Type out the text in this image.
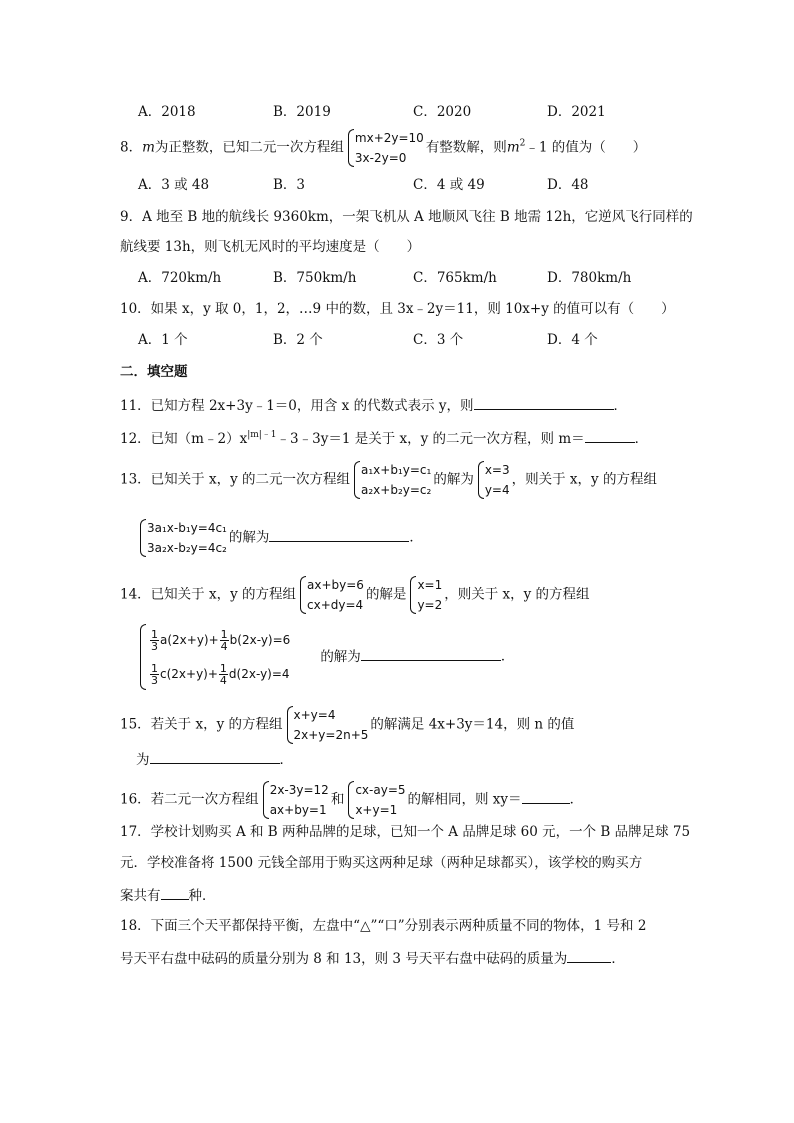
A．2018	B．2019	C．2020	D．2021
8．m为正整数，已知二元一次方程组
mx+2y=10
3x-2y=0
有整数解，则$m^2﹣1$ 的值为（　　）
A．3 或 48	B．3	C．4 或 49	D．48
9．A 地至 B 地的航线长 9360km，一架飞机从 A 地顺风飞往 B 地需 12h，它逆风飞行同样的
航线要 13h，则飞机无风时的平均速度是（　　）
A．720km/h	B．750km/h	C．765km/h	D．780km/h
10．如果 x，y 取 0，1，2，…9 中的数，且 3x﹣2y＝11，则 10x+y 的值可以有（　　）
A．1 个	B．2 个	C．3 个	D．4 个
二．填空题
11．已知方程 2x+3y﹣1＝0，用含 x 的代数式表示 y，则	．
12．已知$(m﹣2)x^{|m|﹣1}﹣3﹣3y=1$ 是关于 x，y 的二元一次方程，则 m＝	．
13．已知关于 x，y 的二元一次方程组
a₁x+b₁y=c₁
a₂x+b₂y=c₂
的解为
x=3
y=4
，则关于 x，y 的方程组
3a₁x-b₁y=4c₁
3a₂x-b₂y=4c₂
的解为	．
14．已知关于 x，y 的方程组
ax+by=6
cx+dy=4
的解是
x=1
y=2
，则关于 x，y 的方程组
$\frac{1}{3} a(2x+y)+ \frac{1}{4} b(2x-y)=6$
$\frac{1}{3} c(2x+y)+ \frac{1}{4} d(2x-y)=4$
的解为	．
15．若关于 x，y 的方程组
x+y=4
2x+y=2n+5
的解满足 4x+3y＝14，则 n 的值
为	．
16．若二元一次方程组
2x-3y=12
ax+by=1
和
cx-ay=5
x+y=1
的解相同，则 xy＝	．
17．学校计划购买 A 和 B 两种品牌的足球，已知一个 A 品牌足球 60 元，一个 B 品牌足球 75
元．学校准备将 1500 元钱全部用于购买这两种足球（两种足球都买），该学校的购买方
案共有 种．
18．下面三个天平都保持平衡，左盘中“△”“口”分别表示两种质量不同的物体，1 号和 2
号天平右盘中砝码的质量分别为 8 和 13，则 3 号天平右盘中砝码的质量为	．
